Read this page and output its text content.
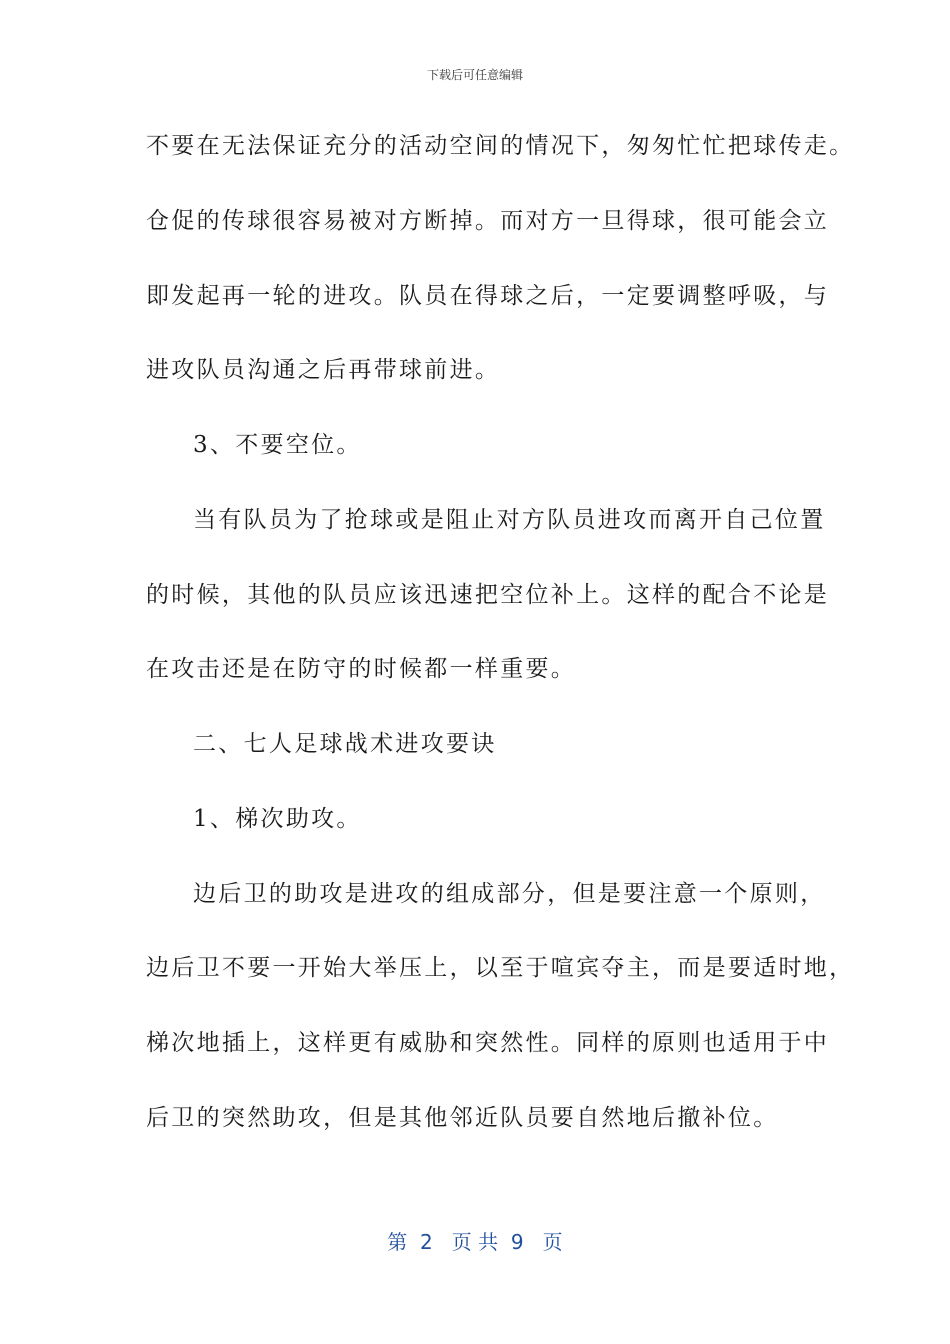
下载后可任意编辑
不要在无法保证充分的活动空间的情况下，匆匆忙忙把球传走。
仓促的传球很容易被对方断掉。而对方一旦得球，很可能会立
即发起再一轮的进攻。队员在得球之后，一定要调整呼吸，与
进攻队员沟通之后再带球前进。
3、不要空位。
当有队员为了抢球或是阻止对方队员进攻而离开自己位置
的时候，其他的队员应该迅速把空位补上。这样的配合不论是
在攻击还是在防守的时候都一样重要。
二、七人足球战术进攻要诀
1、梯次助攻。
边后卫的助攻是进攻的组成部分，但是要注意一个原则，
边后卫不要一开始大举压上，以至于喧宾夺主，而是要适时地，
梯次地插上，这样更有威胁和突然性。同样的原则也适用于中
后卫的突然助攻，但是其他邻近队员要自然地后撤补位。
第  2   页 共  9   页
